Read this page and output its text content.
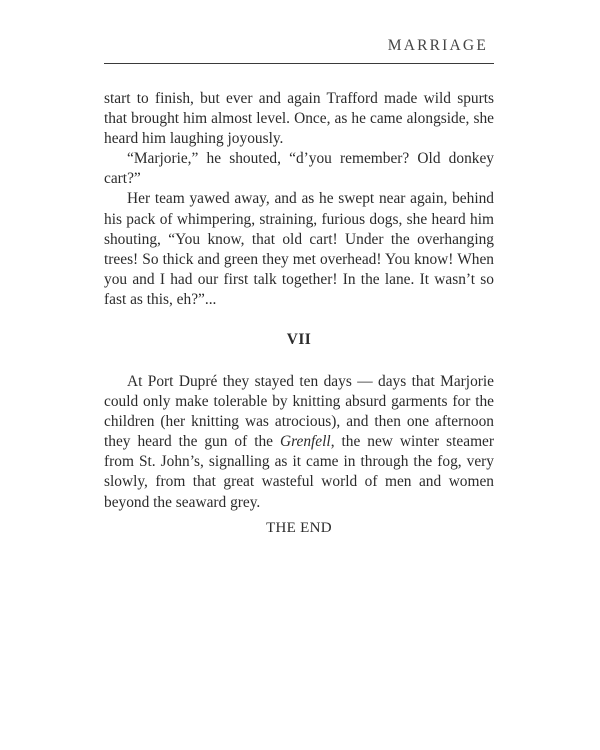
MARRIAGE

start to finish, but ever and again Trafford made wild spurts that brought him almost level. Once, as he came alongside, she heard him laughing joyously.

“Marjorie,” he shouted, “d’you remember? Old donkey cart?”

Her team yawed away, and as he swept near again, behind his pack of whimpering, straining, furious dogs, she heard him shouting, “You know, that old cart! Under the overhanging trees! So thick and green they met overhead! You know! When you and I had our first talk together! In the lane. It wasn’t so fast as this, eh?”...

VII

At Port Dupré they stayed ten days — days that Marjorie could only make tolerable by knitting absurd garments for the children (her knitting was atrocious), and then one afternoon they heard the gun of the Grenfell, the new winter steamer from St. John’s, signalling as it came in through the fog, very slowly, from that great wasteful world of men and women beyond the seaward grey.

THE END
